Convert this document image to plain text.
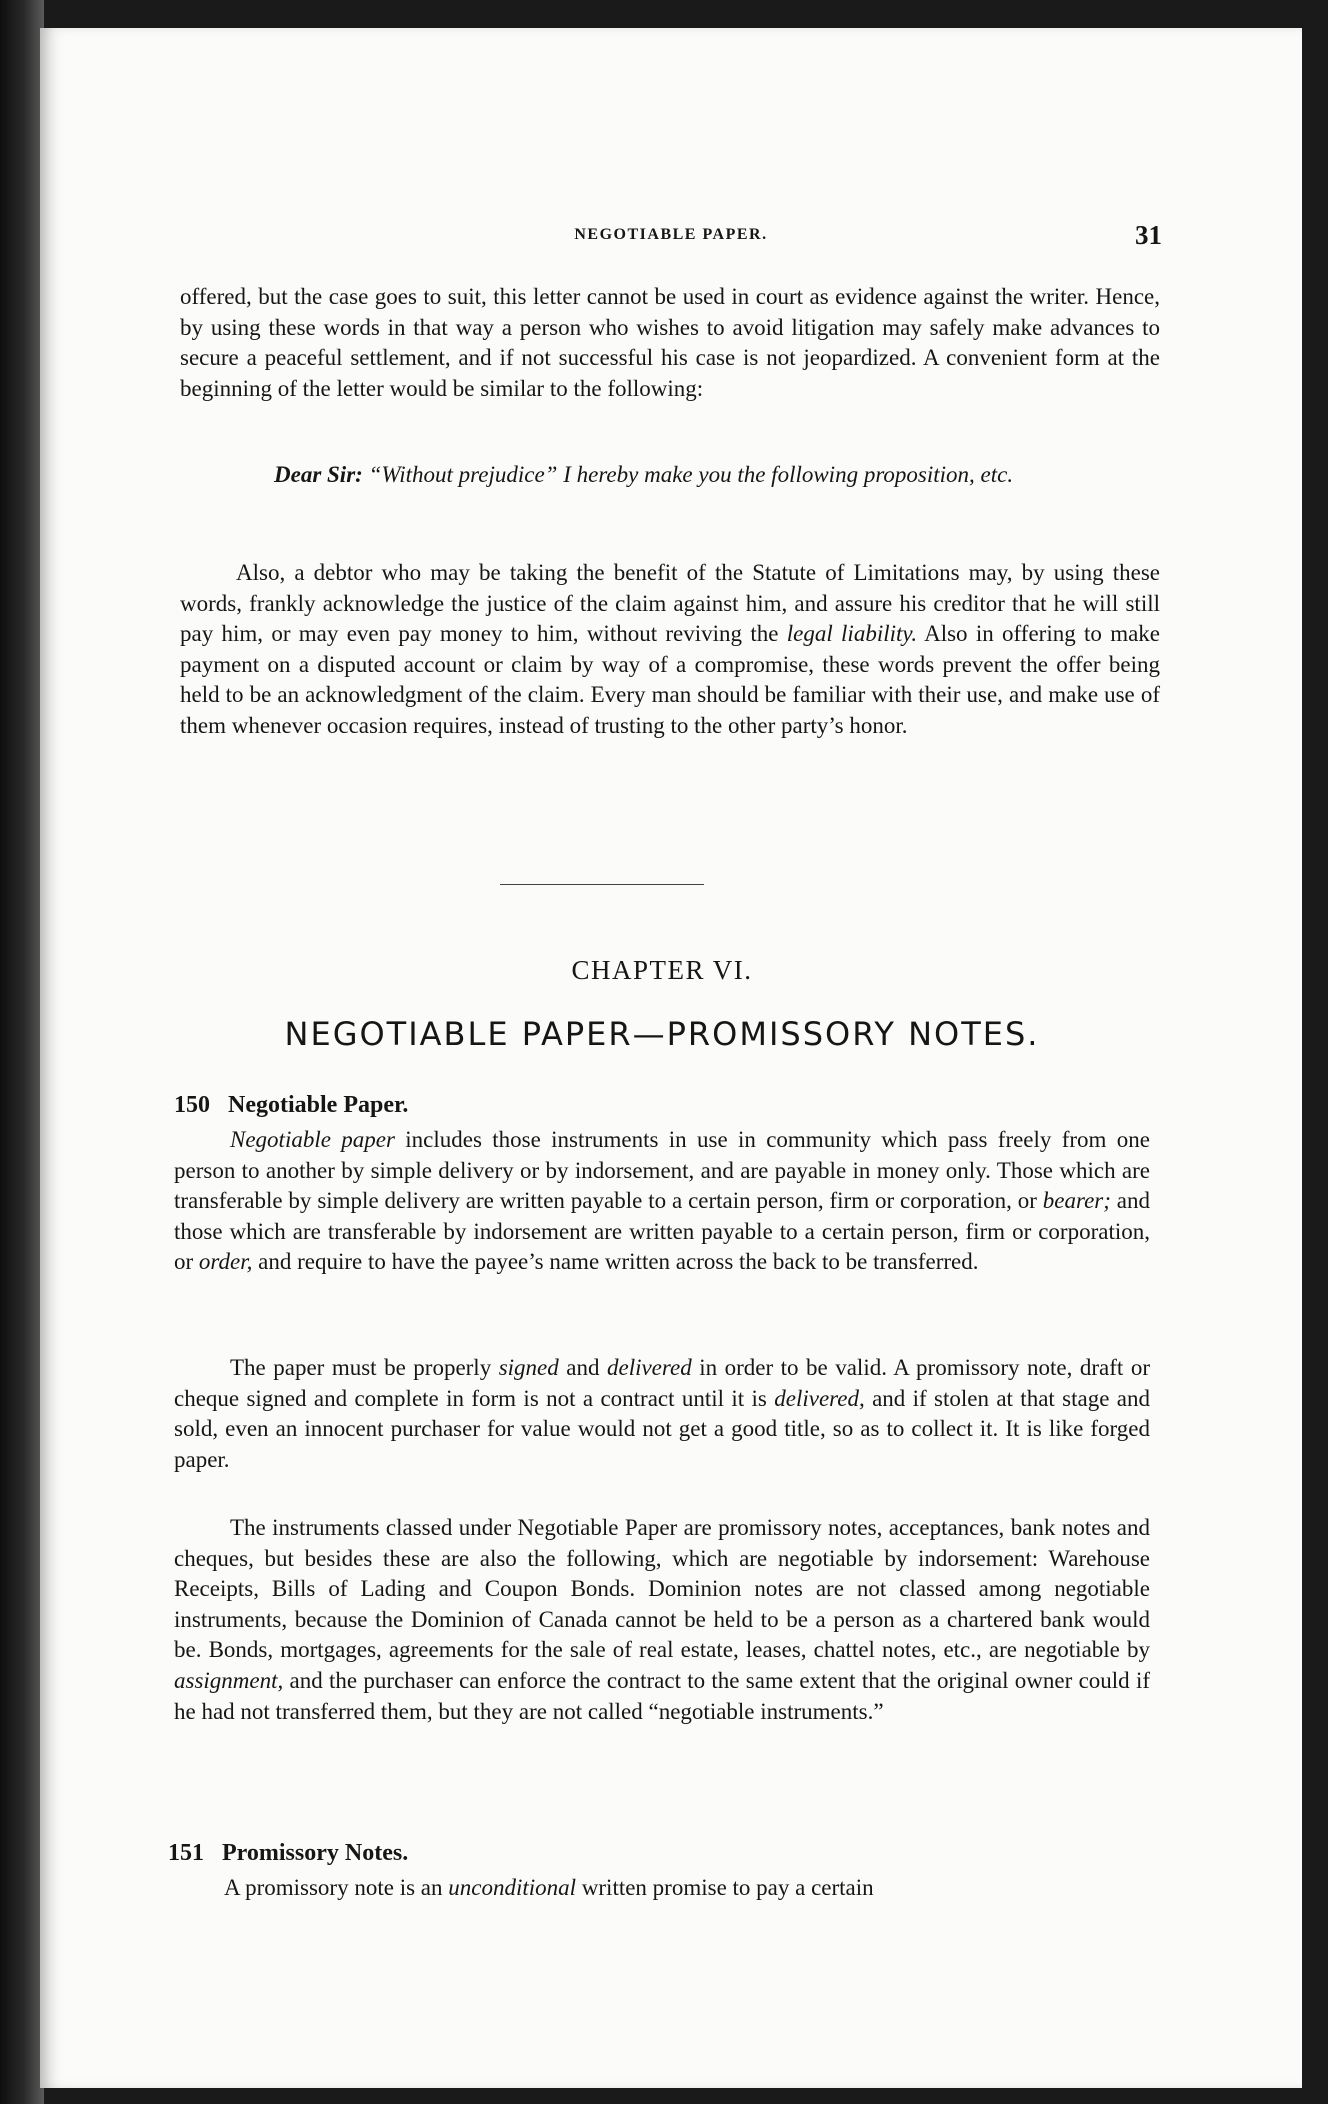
NEGOTIABLE PAPER.	31

offered, but the case goes to suit, this letter cannot be used in court as evidence against the writer. Hence, by using these words in that way a person who wishes to avoid litigation may safely make advances to secure a peaceful settlement, and if not successful his case is not jeopardized. A convenient form at the beginning of the letter would be similar to the following:

Dear Sir: “Without prejudice” I hereby make you the following proposition, etc.

Also, a debtor who may be taking the benefit of the Statute of Limitations may, by using these words, frankly acknowledge the justice of the claim against him, and assure his creditor that he will still pay him, or may even pay money to him, without reviving the legal liability. Also in offering to make payment on a disputed account or claim by way of a compromise, these words prevent the offer being held to be an acknowledgment of the claim. Every man should be familiar with their use, and make use of them whenever occasion requires, instead of trusting to the other party’s honor.

CHAPTER VI.
NEGOTIABLE PAPER—PROMISSORY NOTES.
150 Negotiable Paper.

Negotiable paper includes those instruments in use in community which pass freely from one person to another by simple delivery or by indorsement, and are payable in money only. Those which are transferable by simple delivery are written payable to a certain person, firm or corporation, or bearer; and those which are transferable by indorsement are written payable to a certain person, firm or corporation, or order, and require to have the payee’s name written across the back to be transferred.

The paper must be properly signed and delivered in order to be valid. A promissory note, draft or cheque signed and complete in form is not a contract until it is delivered, and if stolen at that stage and sold, even an innocent purchaser for value would not get a good title, so as to collect it. It is like forged paper.

The instruments classed under Negotiable Paper are promissory notes, acceptances, bank notes and cheques, but besides these are also the following, which are negotiable by indorsement: Warehouse Receipts, Bills of Lading and Coupon Bonds. Dominion notes are not classed among negotiable instruments, because the Dominion of Canada cannot be held to be a person as a chartered bank would be. Bonds, mortgages, agreements for the sale of real estate, leases, chattel notes, etc., are negotiable by assignment, and the purchaser can enforce the contract to the same extent that the original owner could if he had not transferred them, but they are not called “negotiable instruments.”

151 Promissory Notes.

A promissory note is an unconditional written promise to pay a certain
